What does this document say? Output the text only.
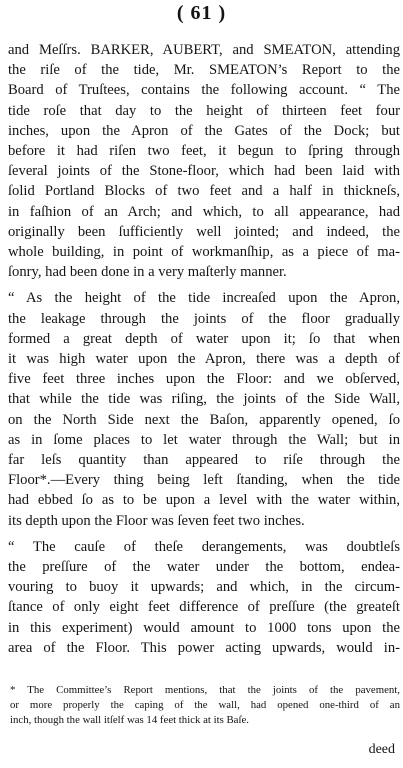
( 61 )
and Meſſrs. BARKER, AUBERT, and SMEATON, attending
the riſe of the tide, Mr. SMEATON’s Report to the
Board of Truſtees, contains the following account. “ The
tide roſe that day to the height of thirteen feet four
inches, upon the Apron of the Gates of the Dock; but
before it had riſen two feet, it begun to ſpring through
ſeveral joints of the Stone-floor, which had been laid with
ſolid Portland Blocks of two feet and a half in thickneſs,
in faſhion of an Arch; and which, to all appearance, had
originally been ſufficiently well jointed; and indeed, the
whole building, in point of workmanſhip, as a piece of ma-
ſonry, had been done in a very maſterly manner.
“ As the height of the tide increaſed upon the Apron,
the leakage through the joints of the floor gradually
formed a great depth of water upon it; ſo that when
it was high water upon the Apron, there was a depth of
five feet three inches upon the Floor: and we obſerved,
that while the tide was riſing, the joints of the Side Wall,
on the North Side next the Baſon, apparently opened, ſo
as in ſome places to let water through the Wall; but in
far leſs quantity than appeared to riſe through the
Floor*.—Every thing being left ſtanding, when the tide
had ebbed ſo as to be upon a level with the water within,
its depth upon the Floor was ſeven feet two inches.
“ The cauſe of theſe derangements, was doubtleſs
the preſſure of the water under the bottom, endea-
vouring to buoy it upwards; and which, in the circum-
ſtance of only eight feet difference of preſſure (the greateſt
in this experiment) would amount to 1000 tons upon the
area of the Floor. This power acting upwards, would in-
* The Committee’s Report mentions, that the joints of the pavement,
or more properly the caping of the wall, had opened one-third of an
inch, though the wall itſelf was 14 feet thick at its Baſe.
deed
